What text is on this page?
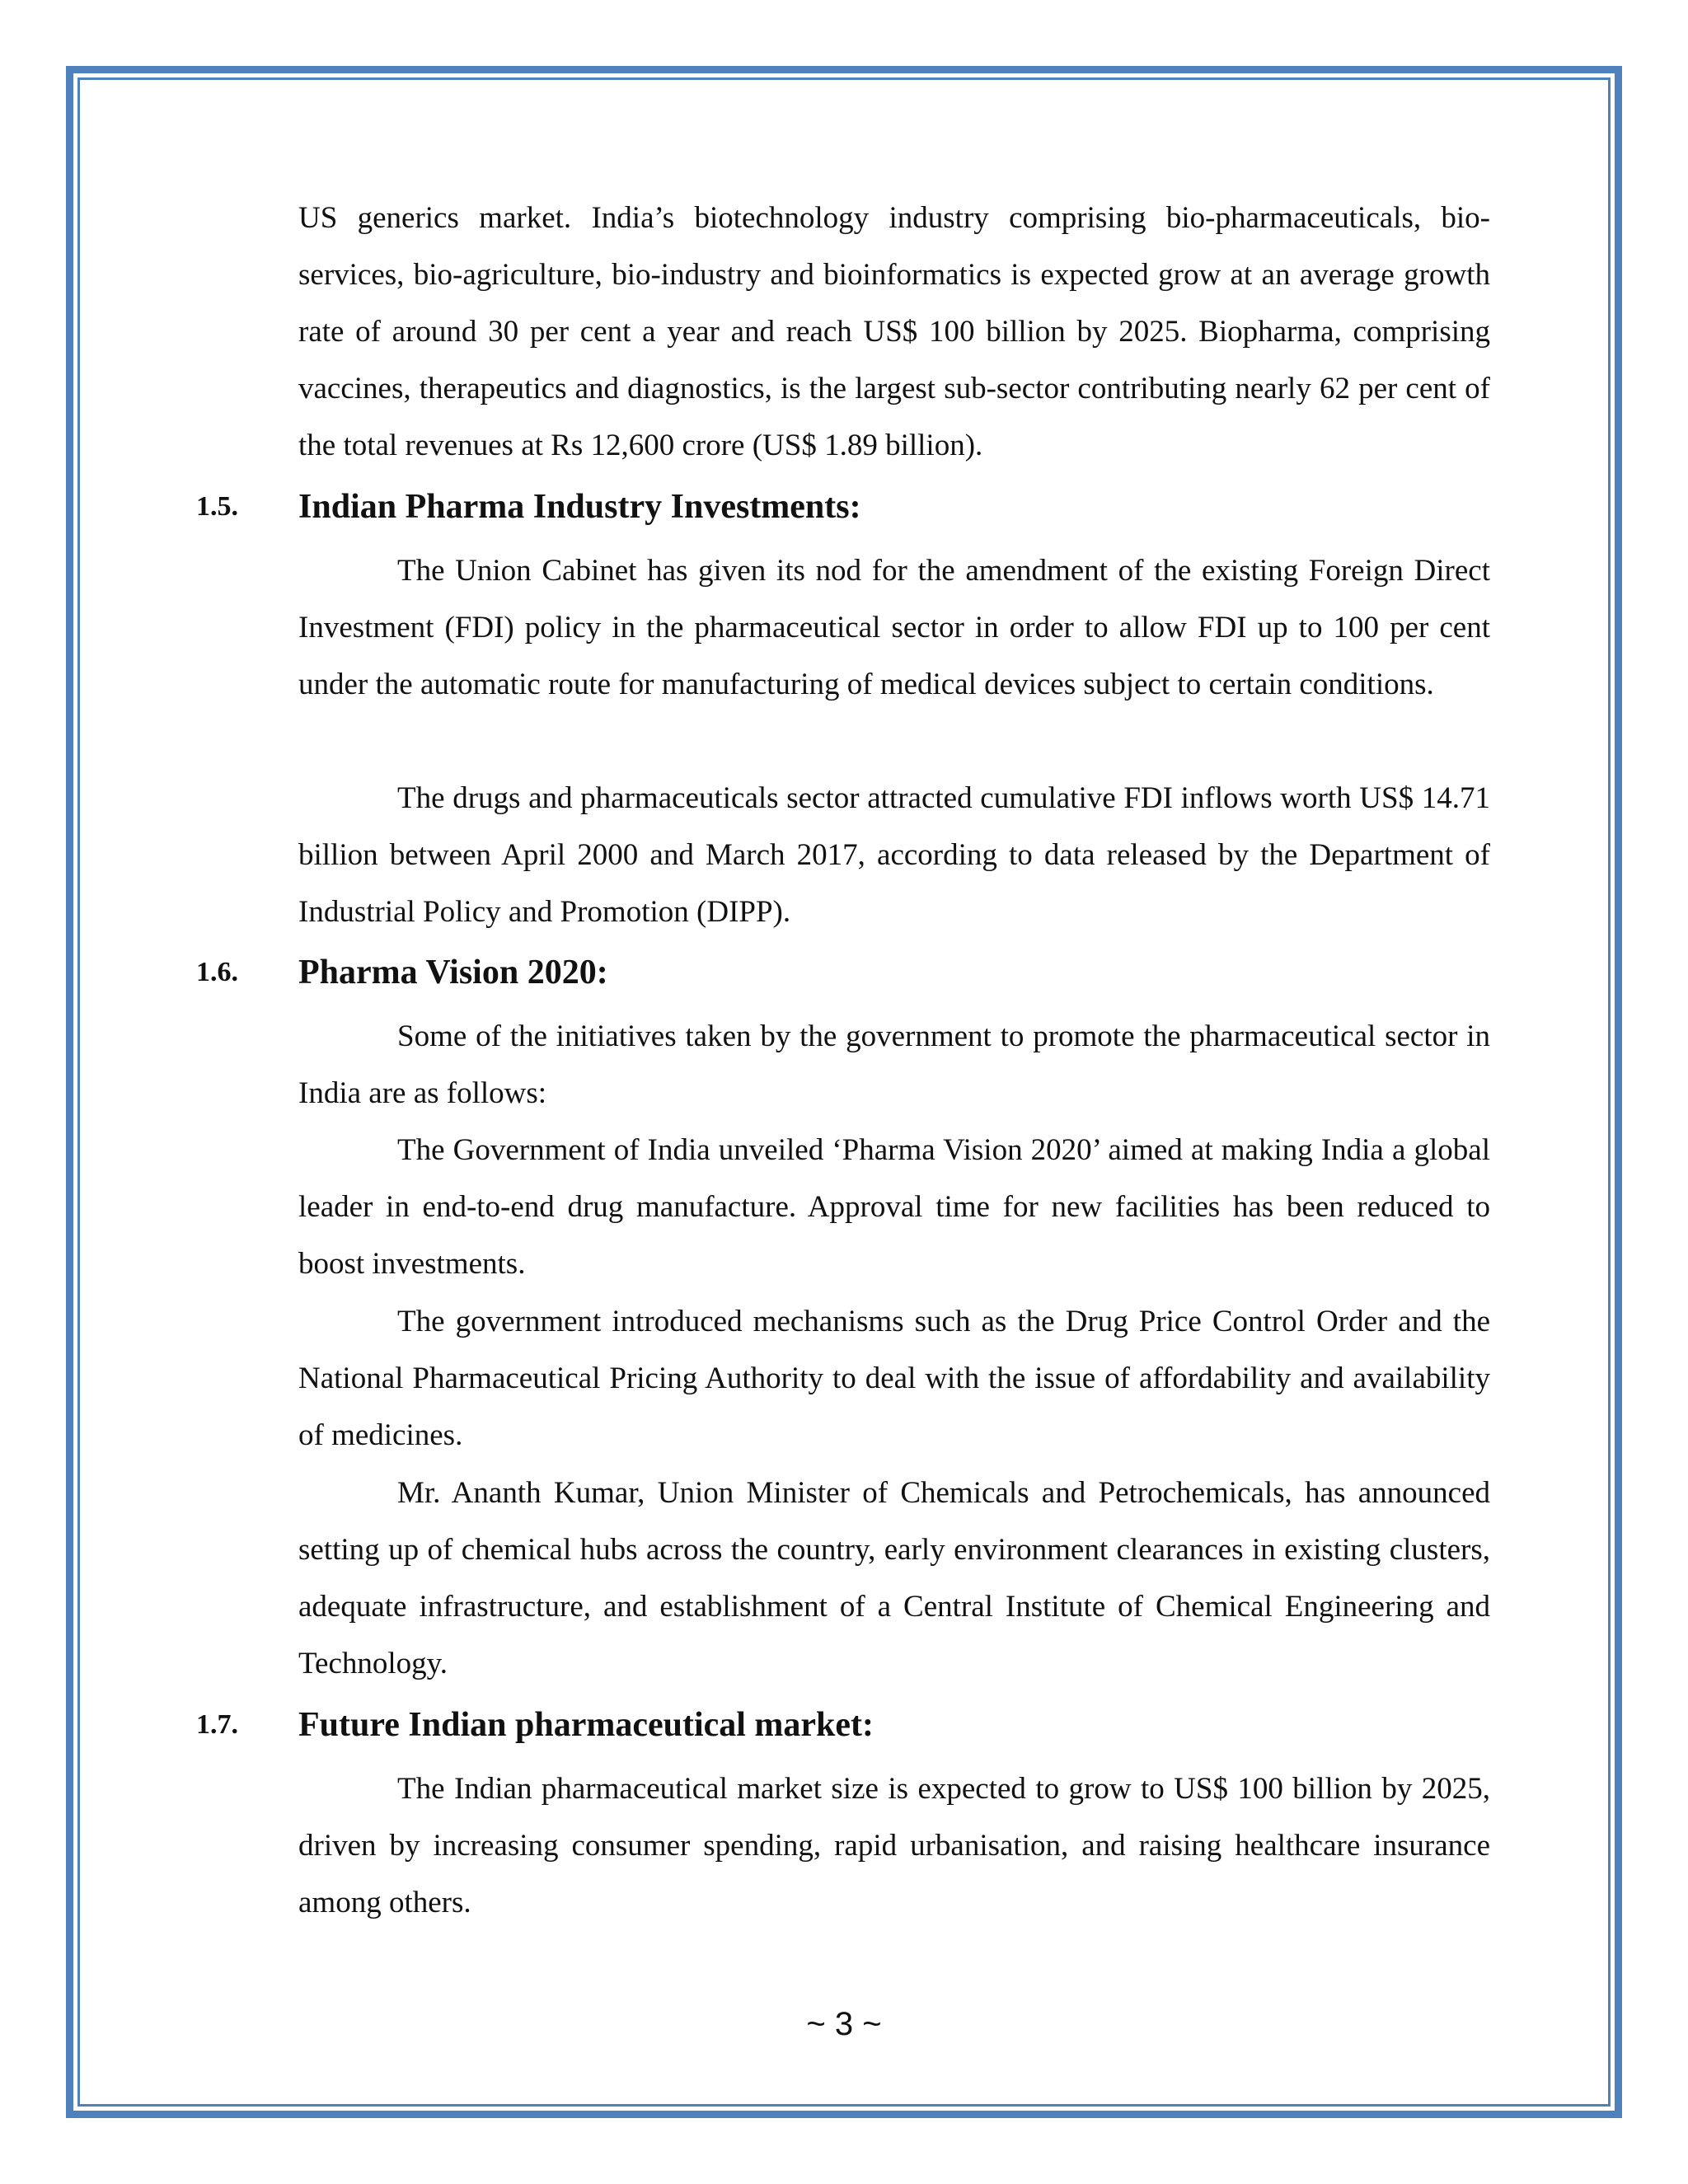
US generics market. India’s biotechnology industry comprising bio-pharmaceuticals, bio-services, bio-agriculture, bio-industry and bioinformatics is expected grow at an average growth rate of around 30 per cent a year and reach US$ 100 billion by 2025. Biopharma, comprising vaccines, therapeutics and diagnostics, is the largest sub-sector contributing nearly 62 per cent of the total revenues at Rs 12,600 crore (US$ 1.89 billion).

1.5. Indian Pharma Industry Investments:

The Union Cabinet has given its nod for the amendment of the existing Foreign Direct Investment (FDI) policy in the pharmaceutical sector in order to allow FDI up to 100 per cent under the automatic route for manufacturing of medical devices subject to certain conditions.

The drugs and pharmaceuticals sector attracted cumulative FDI inflows worth US$ 14.71 billion between April 2000 and March 2017, according to data released by the Department of Industrial Policy and Promotion (DIPP).

1.6. Pharma Vision 2020:

Some of the initiatives taken by the government to promote the pharmaceutical sector in India are as follows:

The Government of India unveiled ‘Pharma Vision 2020’ aimed at making India a global leader in end-to-end drug manufacture. Approval time for new facilities has been reduced to boost investments.

The government introduced mechanisms such as the Drug Price Control Order and the National Pharmaceutical Pricing Authority to deal with the issue of affordability and availability of medicines.

Mr. Ananth Kumar, Union Minister of Chemicals and Petrochemicals, has announced setting up of chemical hubs across the country, early environment clearances in existing clusters, adequate infrastructure, and establishment of a Central Institute of Chemical Engineering and Technology.

1.7. Future Indian pharmaceutical market:

The Indian pharmaceutical market size is expected to grow to US$ 100 billion by 2025, driven by increasing consumer spending, rapid urbanisation, and raising healthcare insurance among others.

~ 3 ~
